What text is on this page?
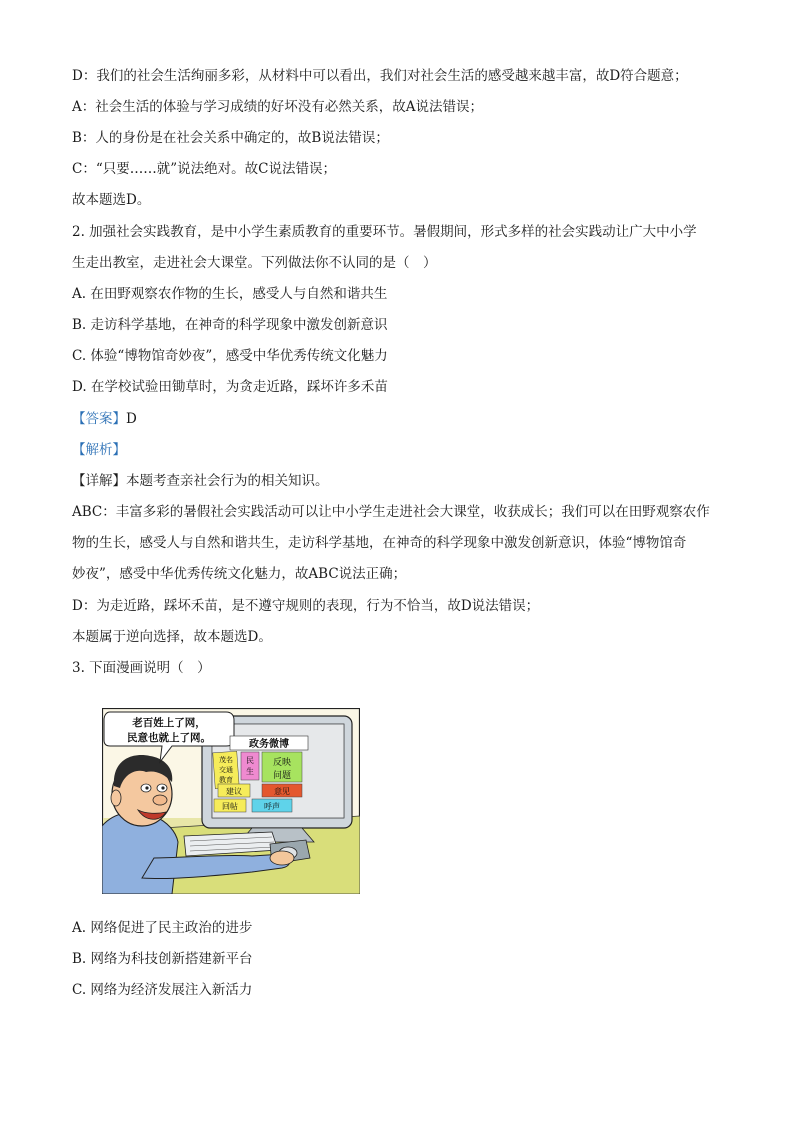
D：我们的社会生活绚丽多彩，从材料中可以看出，我们对社会生活的感受越来越丰富，故D符合题意；
A：社会生活的体验与学习成绩的好坏没有必然关系，故A说法错误；
B：人的身份是在社会关系中确定的，故B说法错误；
C：“只要……就”说法绝对。故C说法错误；
故本题选D。
2. 加强社会实践教育，是中小学生素质教育的重要环节。暑假期间，形式多样的社会实践动让广大中小学
生走出教室，走进社会大课堂。下列做法你不认同的是（　）
A. 在田野观察农作物的生长，感受人与自然和谐共生
B. 走访科学基地，在神奇的科学现象中激发创新意识
C. 体验“博物馆奇妙夜”，感受中华优秀传统文化魅力
D. 在学校试验田锄草时，为贪走近路，踩坏许多禾苗
【答案】D
【解析】
【详解】本题考查亲社会行为的相关知识。
ABC：丰富多彩的暑假社会实践活动可以让中小学生走进社会大课堂，收获成长；我们可以在田野观察农作
物的生长，感受人与自然和谐共生，走访科学基地，在神奇的科学现象中激发创新意识，体验“博物馆奇
妙夜”，感受中华优秀传统文化魅力，故ABC说法正确；
D：为走近路，踩坏禾苗，是不遵守规则的表现，行为不恰当，故D说法错误；
本题属于逆向选择，故本题选D。
3. 下面漫画说明（　）
老百姓上了网，
民意也就上了网。
政务微博
茂名
交通
教育
民
生
反映
问题
建议	意见
回帖	呼声
A. 网络促进了民主政治的进步
B. 网络为科技创新搭建新平台
C. 网络为经济发展注入新活力
